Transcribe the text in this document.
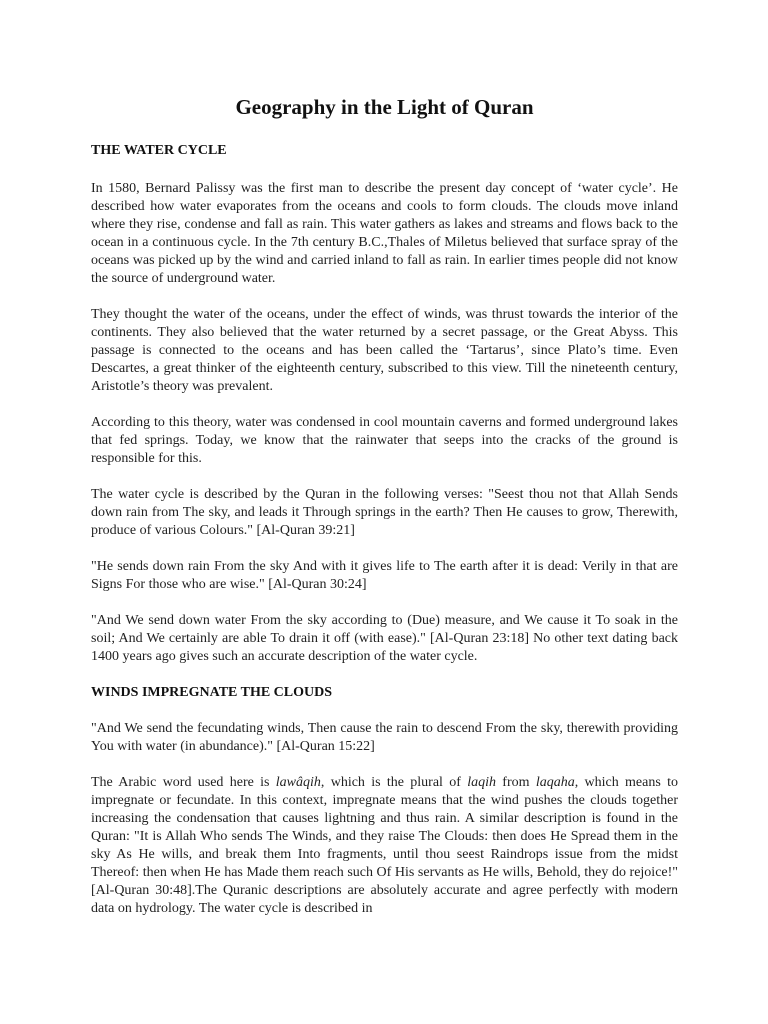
Geography in the Light of Quran
THE WATER CYCLE

In 1580, Bernard Palissy was the first man to describe the present day concept of ‘water cycle’. He described how water evaporates from the oceans and cools to form clouds. The clouds move inland where they rise, condense and fall as rain. This water gathers as lakes and streams and flows back to the ocean in a continuous cycle. In the 7th century B.C.,Thales of Miletus believed that surface spray of the oceans was picked up by the wind and carried inland to fall as rain. In earlier times people did not know the source of underground water.

They thought the water of the oceans, under the effect of winds, was thrust towards the interior of the continents. They also believed that the water returned by a secret passage, or the Great Abyss. This passage is connected to the oceans and has been called the ‘Tartarus’, since Plato’s time. Even Descartes, a great thinker of the eighteenth century, subscribed to this view. Till the nineteenth century, Aristotle’s theory was prevalent.

According to this theory, water was condensed in cool mountain caverns and formed underground lakes that fed springs. Today, we know that the rainwater that seeps into the cracks of the ground is responsible for this.

The water cycle is described by the Quran in the following verses: "Seest thou not that Allah Sends down rain from The sky, and leads it Through springs in the earth? Then He causes to grow, Therewith, produce of various Colours." [Al-Quran 39:21]

"He sends down rain From the sky And with it gives life to The earth after it is dead: Verily in that are Signs For those who are wise." [Al-Quran 30:24]

"And We send down water From the sky according to (Due) measure, and We cause it To soak in the soil; And We certainly are able To drain it off (with ease)." [Al-Quran 23:18] No other text dating back 1400 years ago gives such an accurate description of the water cycle.

WINDS IMPREGNATE THE CLOUDS

"And We send the fecundating winds, Then cause the rain to descend From the sky, therewith providing You with water (in abundance)." [Al-Quran 15:22]

The Arabic word used here is lawâqih, which is the plural of laqih from laqaha, which means to impregnate or fecundate. In this context, impregnate means that the wind pushes the clouds together increasing the condensation that causes lightning and thus rain. A similar description is found in the Quran: "It is Allah Who sends The Winds, and they raise The Clouds: then does He Spread them in the sky As He wills, and break them Into fragments, until thou seest Raindrops issue from the midst Thereof: then when He has Made them reach such Of His servants as He wills, Behold, they do rejoice!" [Al-Quran 30:48].The Quranic descriptions are absolutely accurate and agree perfectly with modern data on hydrology. The water cycle is described in
